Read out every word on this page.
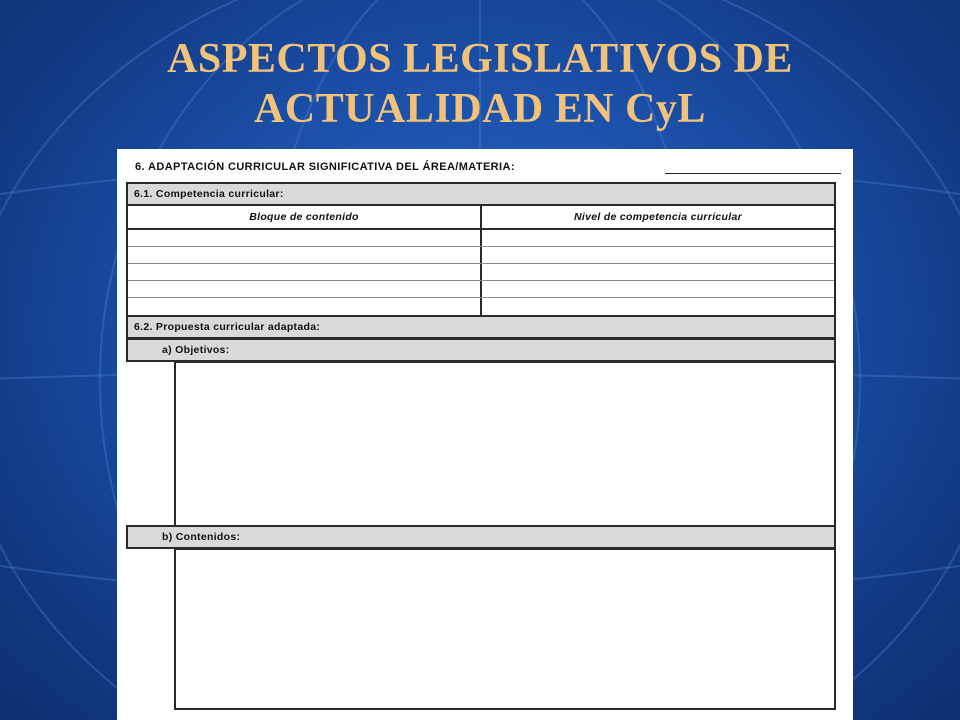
ASPECTOS LEGISLATIVOS DE
ACTUALIDAD EN CyL
6. ADAPTACIÓN CURRICULAR SIGNIFICATIVA DEL ÁREA/MATERIA:
6.1. Competencia curricular:
Bloque de contenido	Nivel de competencia curricular
6.2. Propuesta curricular adaptada:
a) Objetivos:
b) Contenidos:
